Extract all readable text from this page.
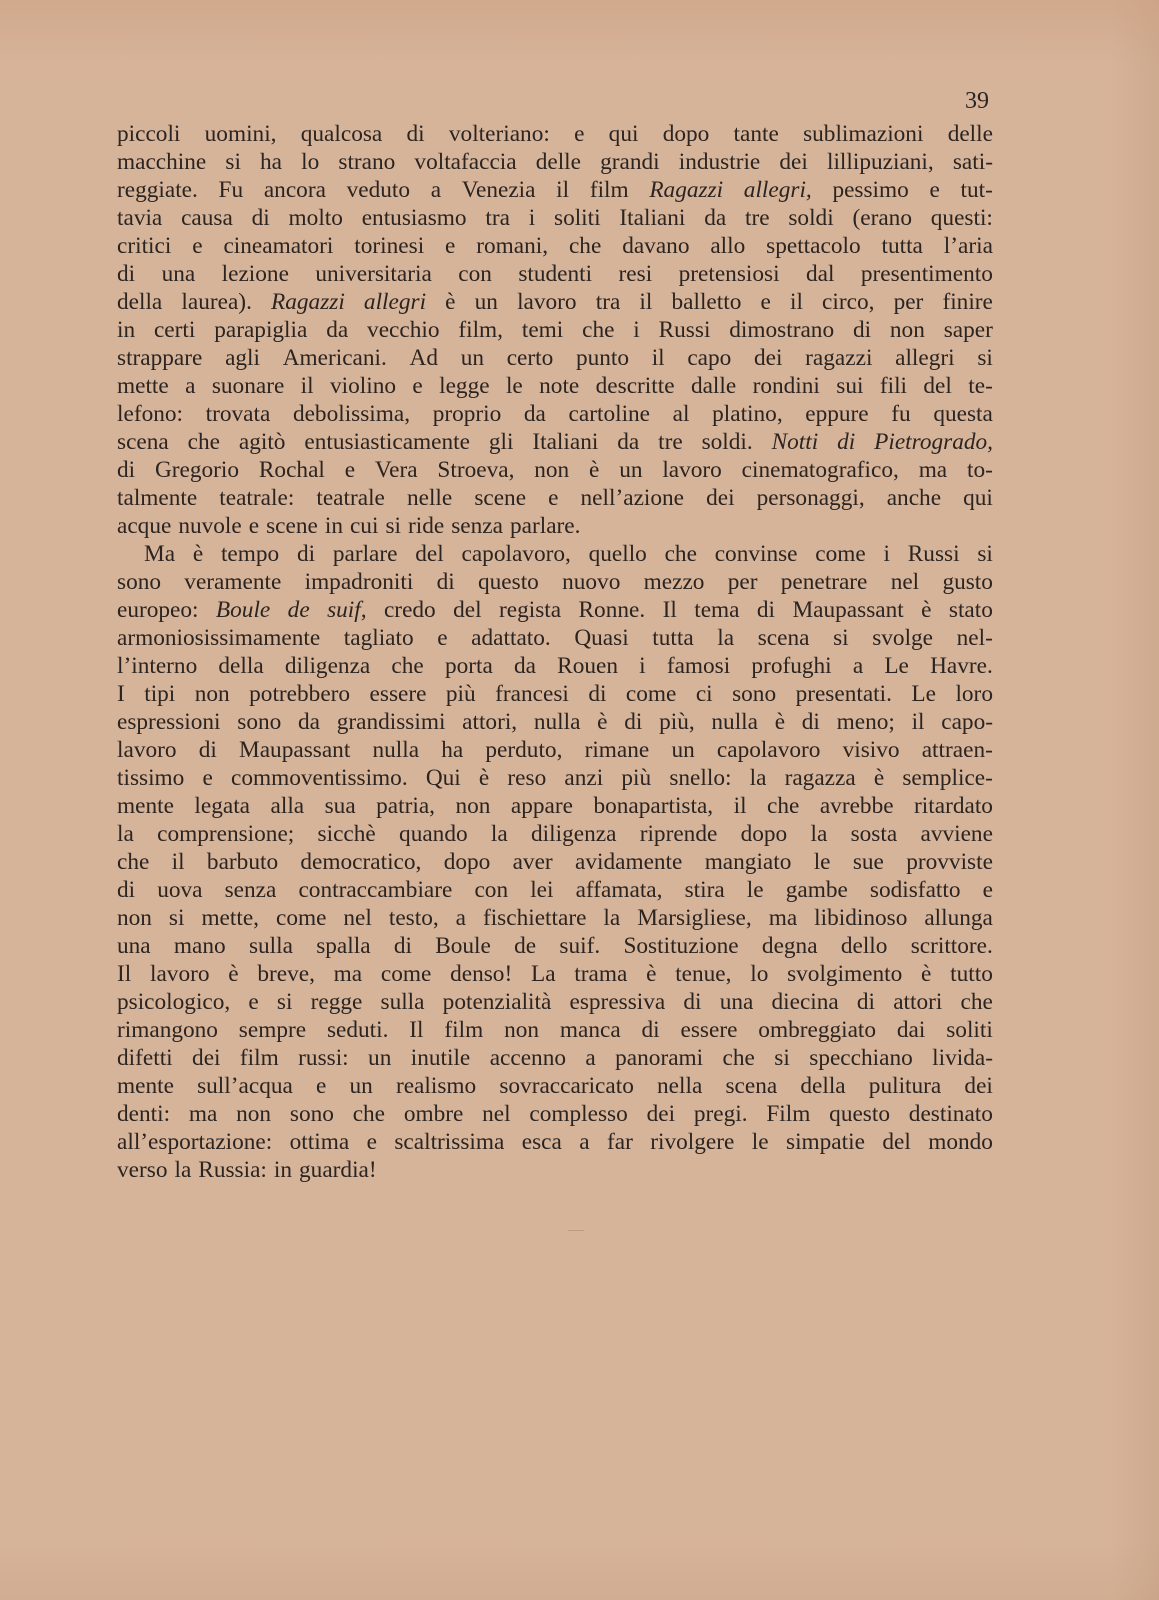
39
piccoli uomini, qualcosa di volteriano: e qui dopo tante sublimazioni delle
macchine si ha lo strano voltafaccia delle grandi industrie dei lillipuziani, sati-
reggiate. Fu ancora veduto a Venezia il film Ragazzi allegri, pessimo e tut-
tavia causa di molto entusiasmo tra i soliti Italiani da tre soldi (erano questi:
critici e cineamatori torinesi e romani, che davano allo spettacolo tutta l’aria
di una lezione universitaria con studenti resi pretensiosi dal presentimento
della laurea). Ragazzi allegri è un lavoro tra il balletto e il circo, per finire
in certi parapiglia da vecchio film, temi che i Russi dimostrano di non saper
strappare agli Americani. Ad un certo punto il capo dei ragazzi allegri si
mette a suonare il violino e legge le note descritte dalle rondini sui fili del te-
lefono: trovata debolissima, proprio da cartoline al platino, eppure fu questa
scena che agitò entusiasticamente gli Italiani da tre soldi. Notti di Pietrogrado,
di Gregorio Rochal e Vera Stroeva, non è un lavoro cinematografico, ma to-
talmente teatrale: teatrale nelle scene e nell’azione dei personaggi, anche qui
acque nuvole e scene in cui si ride senza parlare.
Ma è tempo di parlare del capolavoro, quello che convinse come i Russi si
sono veramente impadroniti di questo nuovo mezzo per penetrare nel gusto
europeo: Boule de suif, credo del regista Ronne. Il tema di Maupassant è stato
armoniosissimamente tagliato e adattato. Quasi tutta la scena si svolge nel-
l’interno della diligenza che porta da Rouen i famosi profughi a Le Havre.
I tipi non potrebbero essere più francesi di come ci sono presentati. Le loro
espressioni sono da grandissimi attori, nulla è di più, nulla è di meno; il capo-
lavoro di Maupassant nulla ha perduto, rimane un capolavoro visivo attraen-
tissimo e commoventissimo. Qui è reso anzi più snello: la ragazza è semplice-
mente legata alla sua patria, non appare bonapartista, il che avrebbe ritardato
la comprensione; sicchè quando la diligenza riprende dopo la sosta avviene
che il barbuto democratico, dopo aver avidamente mangiato le sue provviste
di uova senza contraccambiare con lei affamata, stira le gambe sodisfatto e
non si mette, come nel testo, a fischiettare la Marsigliese, ma libidinoso allunga
una mano sulla spalla di Boule de suif. Sostituzione degna dello scrittore.
Il lavoro è breve, ma come denso! La trama è tenue, lo svolgimento è tutto
psicologico, e si regge sulla potenzialità espressiva di una diecina di attori che
rimangono sempre seduti. Il film non manca di essere ombreggiato dai soliti
difetti dei film russi: un inutile accenno a panorami che si specchiano livida-
mente sull’acqua e un realismo sovraccaricato nella scena della pulitura dei
denti: ma non sono che ombre nel complesso dei pregi. Film questo destinato
all’esportazione: ottima e scaltrissima esca a far rivolgere le simpatie del mondo
verso la Russia: in guardia!
